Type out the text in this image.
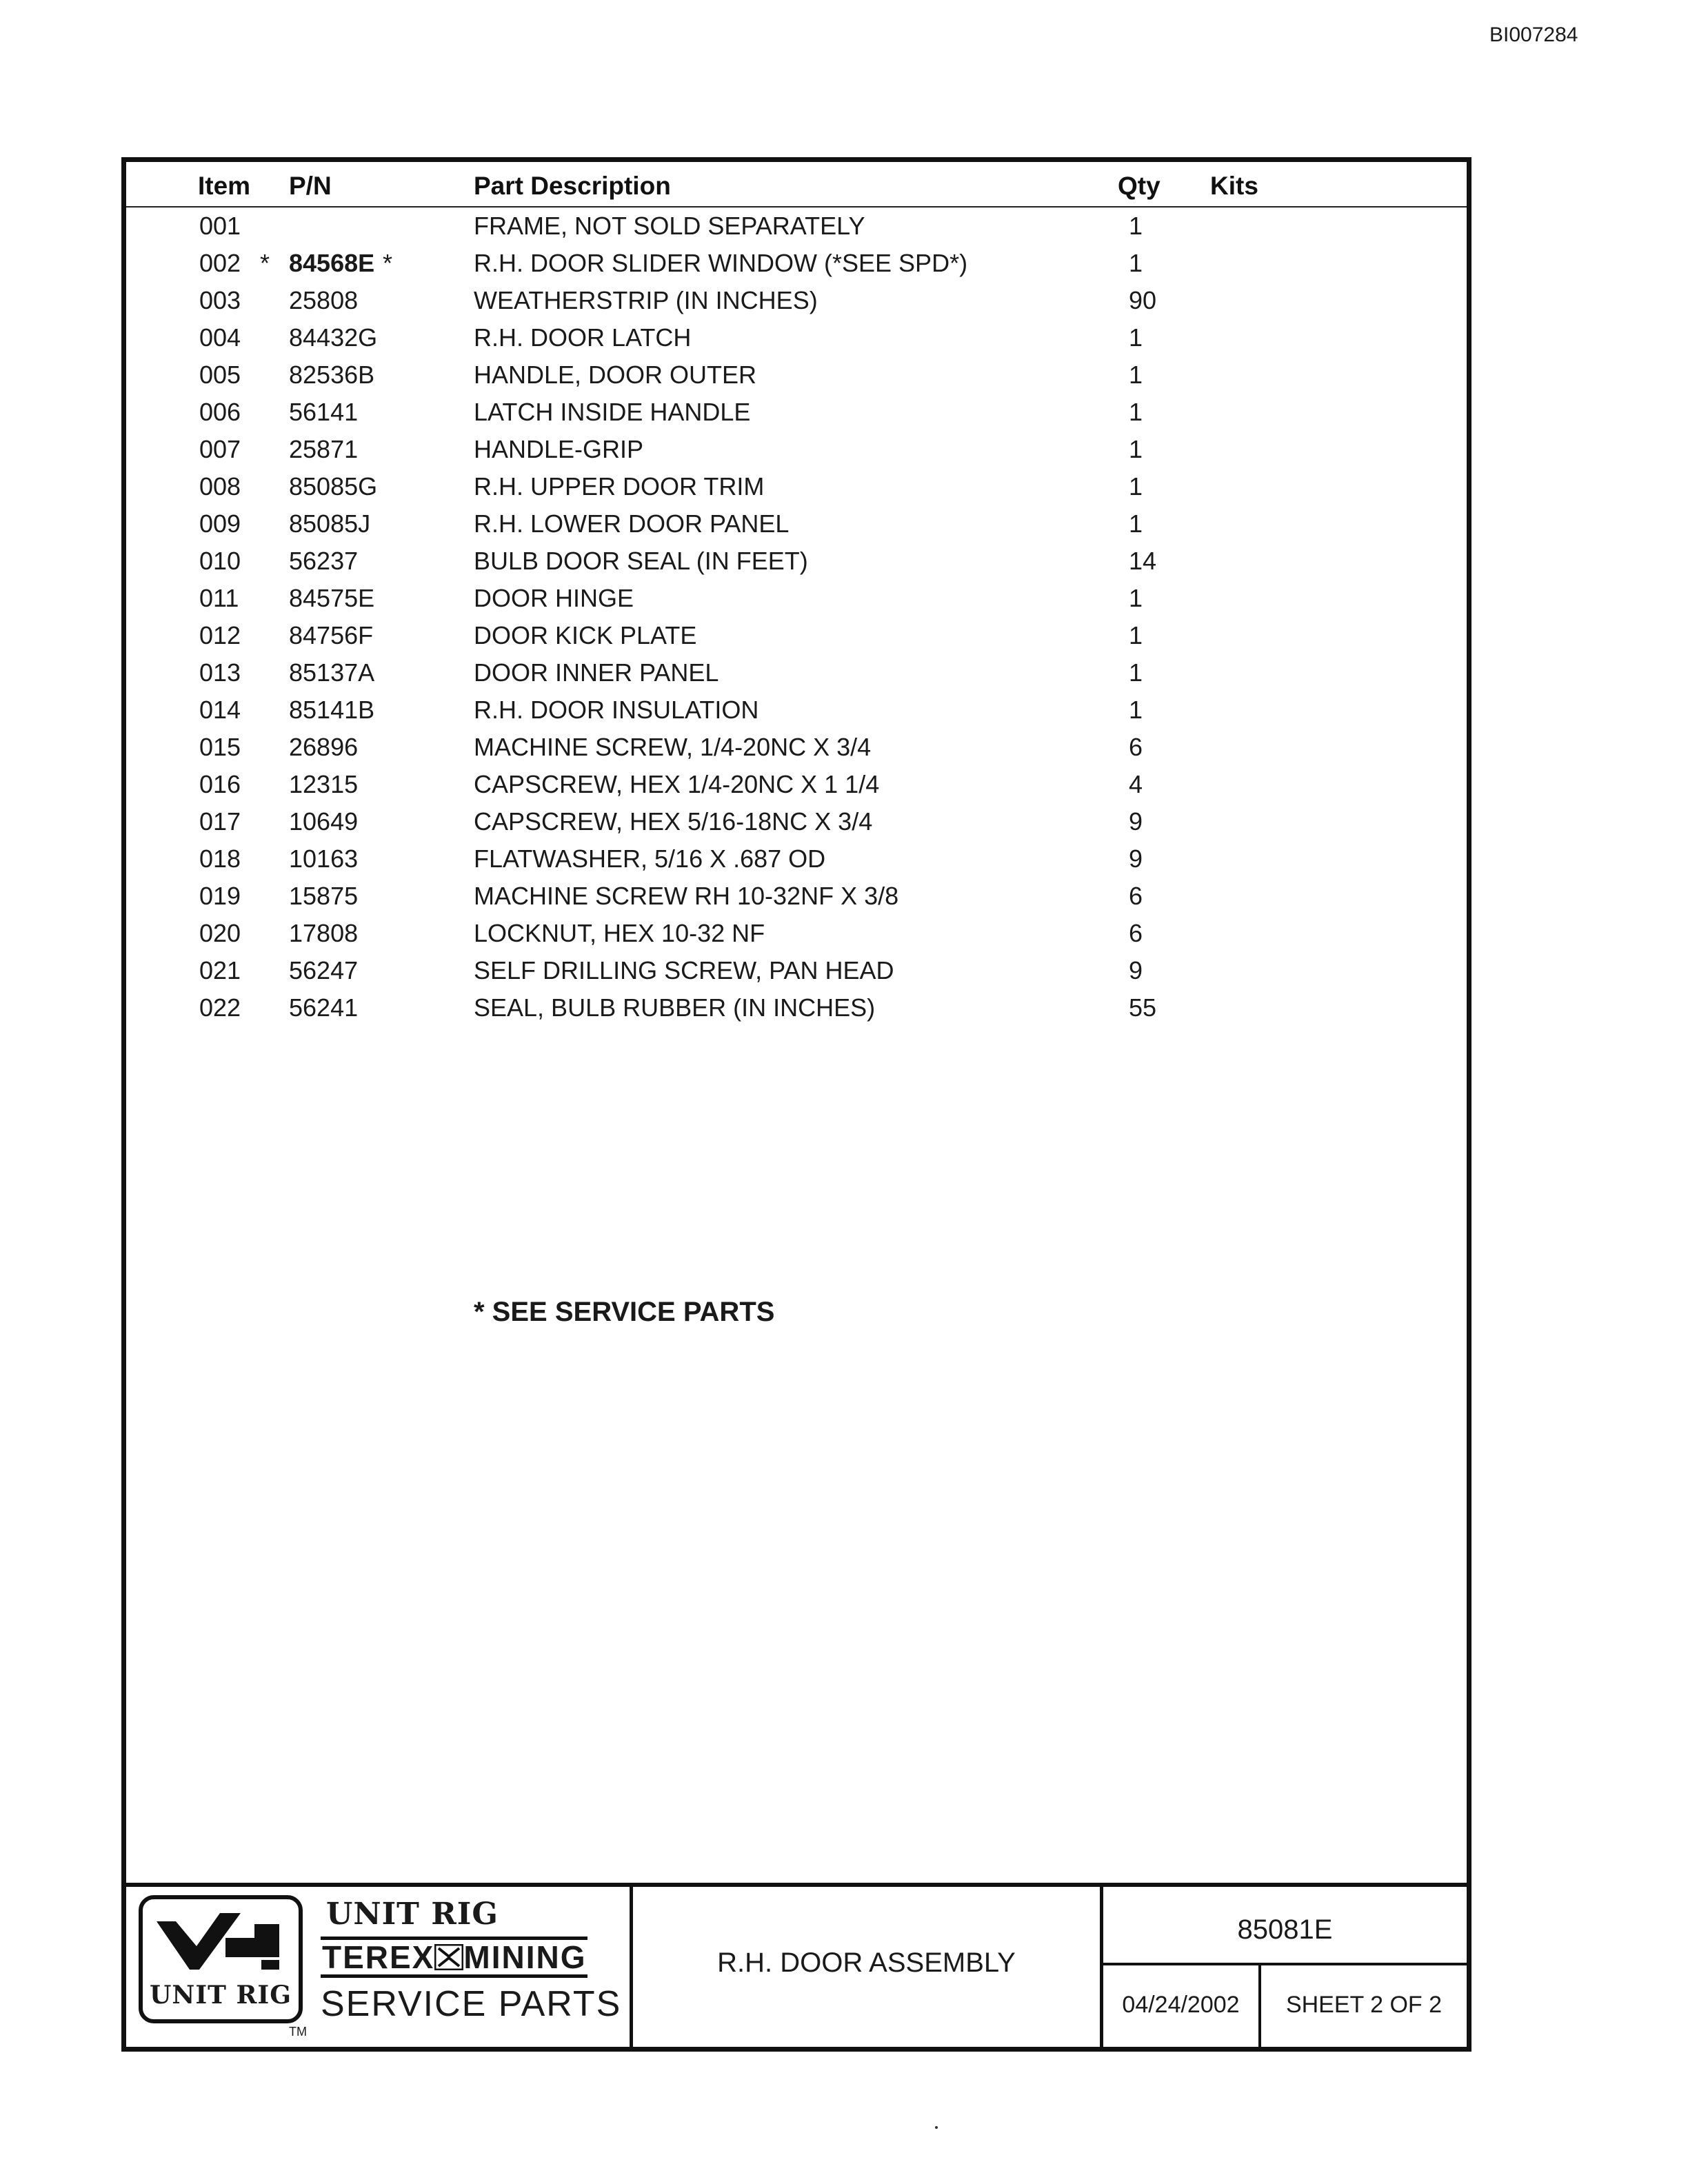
BI007284
Item P/N	Part Description	Qty Kits
001	FRAME, NOT SOLD SEPARATELY	1
002 * 84568E *	R.H. DOOR SLIDER WINDOW (*SEE SPD*)	1
003 25808	WEATHERSTRIP (IN INCHES)	90
004 84432G	R.H. DOOR LATCH	1
005 82536B	HANDLE, DOOR OUTER	1
006 56141	LATCH INSIDE HANDLE	1
007 25871	HANDLE-GRIP	1
008 85085G	R.H. UPPER DOOR TRIM	1
009 85085J	R.H. LOWER DOOR PANEL	1
010 56237	BULB DOOR SEAL (IN FEET)	14
011 84575E	DOOR HINGE	1
012 84756F	DOOR KICK PLATE	1
013 85137A	DOOR INNER PANEL	1
014 85141B	R.H. DOOR INSULATION	1
015 26896	MACHINE SCREW, 1/4-20NC X 3/4	6
016 12315	CAPSCREW, HEX 1/4-20NC X 1 1/4	4
017 10649	CAPSCREW, HEX 5/16-18NC X 3/4	9
018 10163	FLATWASHER, 5/16 X .687 OD	9
019 15875	MACHINE SCREW RH 10-32NF X 3/8	6
020 17808	LOCKNUT, HEX 10-32 NF	6
021 56247	SELF DRILLING SCREW, PAN HEAD	9
022 56241	SEAL, BULB RUBBER (IN INCHES)	55
* SEE SERVICE PARTS
UNIT RIG
TM
UNIT RIG
TEREX MINING
SERVICE PARTS
R.H. DOOR ASSEMBLY
85081E
04/24/2002	SHEET 2 OF 2
